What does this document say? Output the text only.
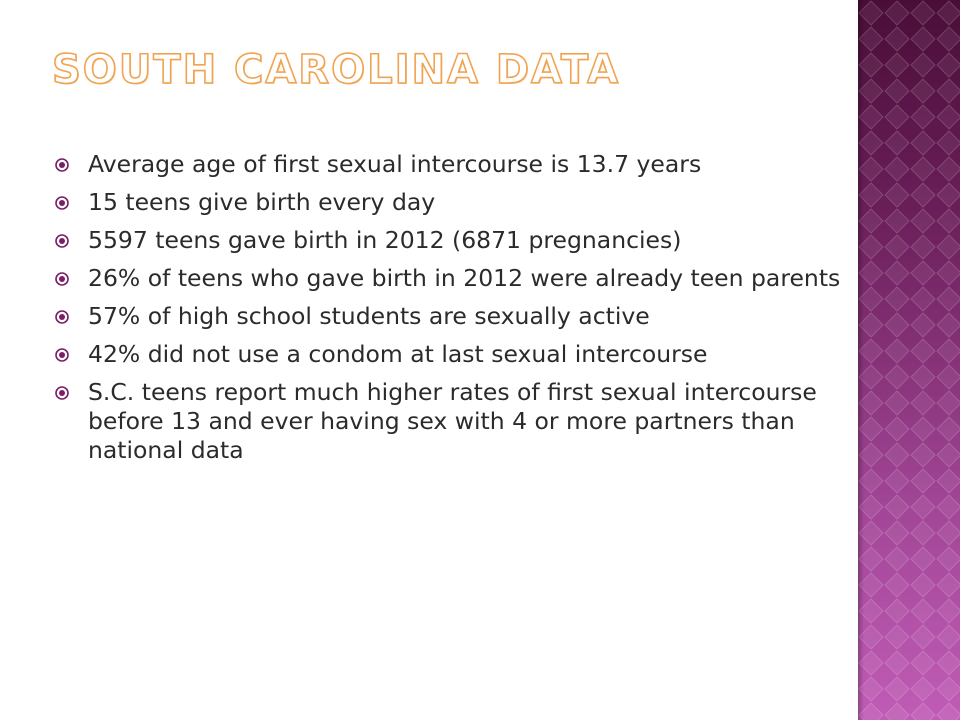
SOUTH CAROLINA DATA
Average age of first sexual intercourse is 13.7 years
15 teens give birth every day
5597 teens gave birth in 2012 (6871 pregnancies)
26% of teens who gave birth in 2012 were already teen parents
57% of high school students are sexually active
42% did not use a condom at last sexual intercourse
S.C. teens report much higher rates of first sexual intercourse before 13 and ever having sex with 4 or more partners than national data
